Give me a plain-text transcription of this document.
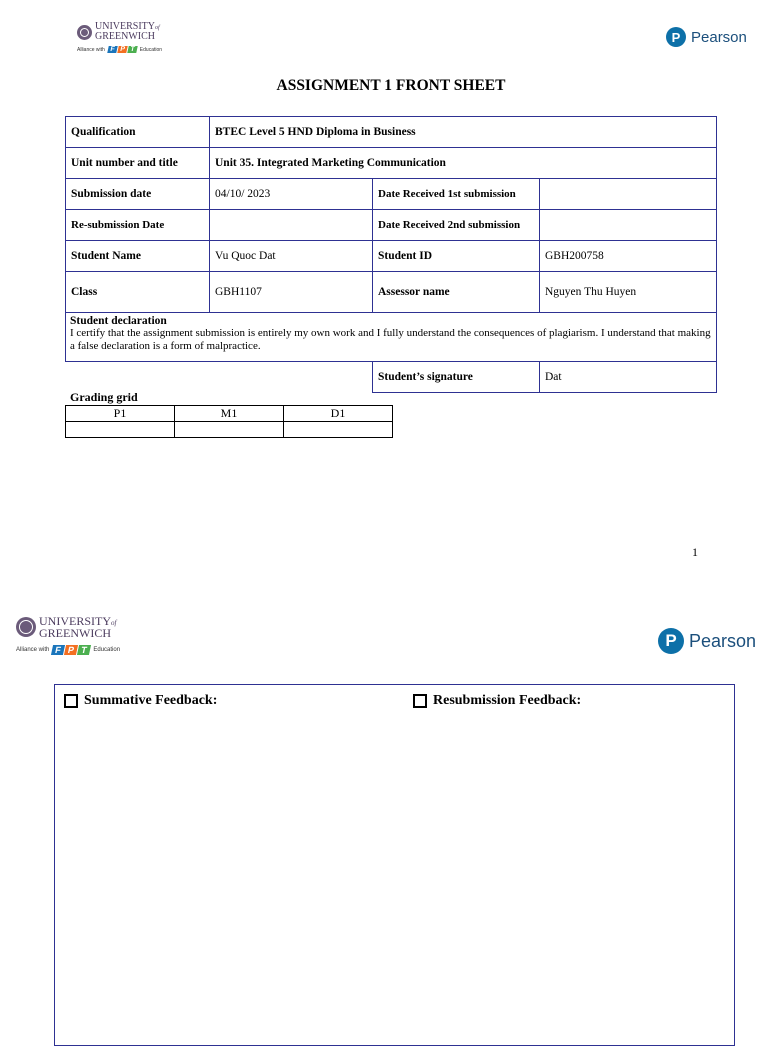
UNIVERSITYof
GREENWICH
Alliance with F P T Education
P Pearson
ASSIGNMENT 1 FRONT SHEET
Qualification	BTEC Level 5 HND Diploma in Business		
Unit number and title	Unit 35. Integrated Marketing Communication		
Submission date	04/10/ 2023	Date Received 1st submission	
Re-submission Date		Date Received 2nd submission	
Student Name	Vu Quoc Dat	Student ID	GBH200758
Class	GBH1107	Assessor name	Nguyen Thu Huyen

Student declaration
I certify that the assignment submission is entirely my own work and I fully understand the consequences of plagiarism. I understand that making a false declaration is a form of malpractice.			

		Student’s signature	Dat
Grading grid
P1	M1	D1

1
UNIVERSITYof
GREENWICH
Alliance with F P T Education	P Pearson
Summative Feedback:	Resubmission Feedback:
